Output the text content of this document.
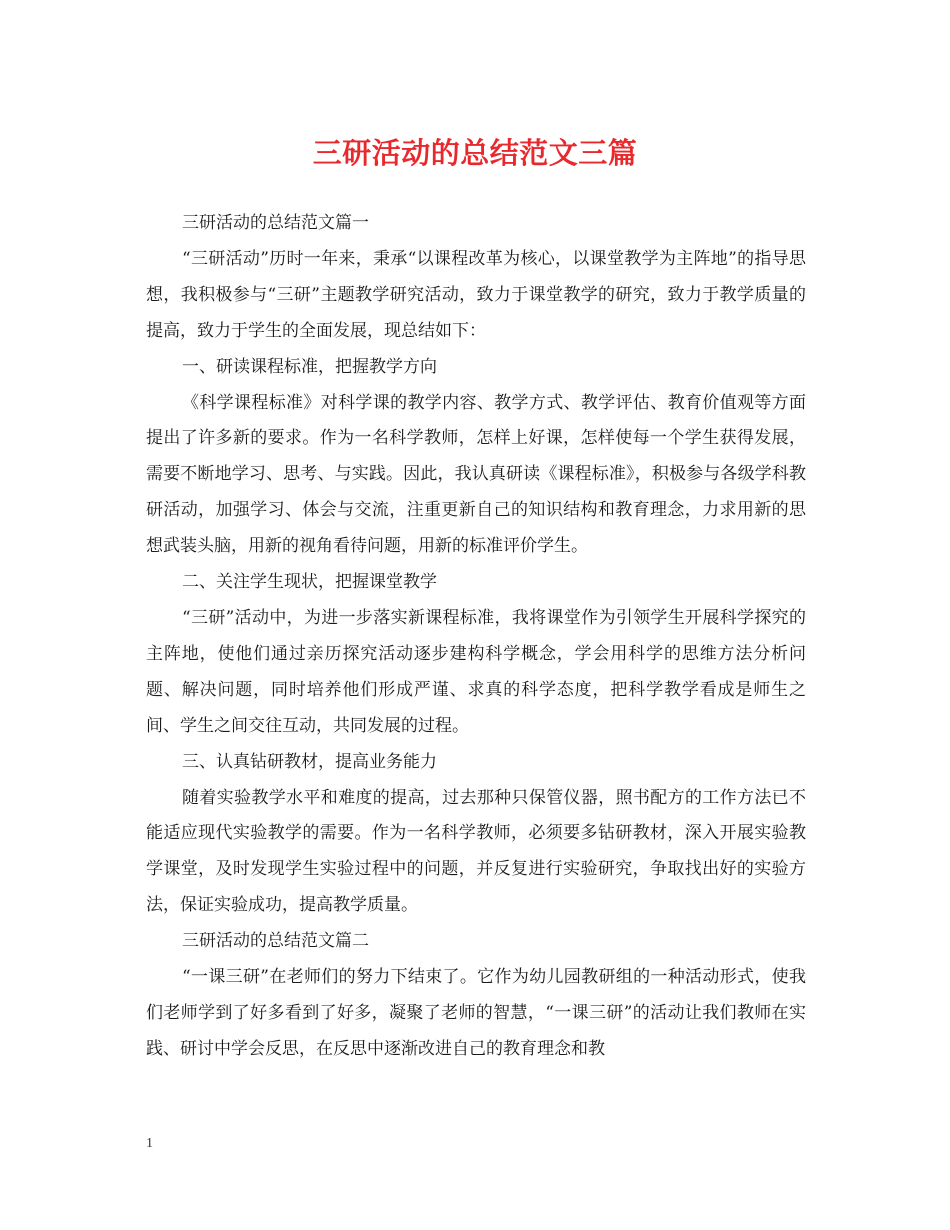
三研活动的总结范文三篇

三研活动的总结范文篇一

“三研活动”历时一年来，秉承“以课程改革为核心，以课堂教学为主阵地”的指导思想，我积极参与“三研”主题教学研究活动，致力于课堂教学的研究，致力于教学质量的提高，致力于学生的全面发展，现总结如下：

一、研读课程标准，把握教学方向

《科学课程标准》对科学课的教学内容、教学方式、教学评估、教育价值观等方面提出了许多新的要求。作为一名科学教师，怎样上好课，怎样使每一个学生获得发展，需要不断地学习、思考、与实践。因此，我认真研读《课程标准》，积极参与各级学科教研活动，加强学习、体会与交流，注重更新自己的知识结构和教育理念，力求用新的思想武装头脑，用新的视角看待问题，用新的标准评价学生。

二、关注学生现状，把握课堂教学

“三研”活动中，为进一步落实新课程标准，我将课堂作为引领学生开展科学探究的主阵地，使他们通过亲历探究活动逐步建构科学概念，学会用科学的思维方法分析问题、解决问题，同时培养他们形成严谨、求真的科学态度，把科学教学看成是师生之间、学生之间交往互动，共同发展的过程。

三、认真钻研教材，提高业务能力

随着实验教学水平和难度的提高，过去那种只保管仪器，照书配方的工作方法已不能适应现代实验教学的需要。作为一名科学教师，必须要多钻研教材，深入开展实验教学课堂，及时发现学生实验过程中的问题，并反复进行实验研究，争取找出好的实验方法，保证实验成功，提高教学质量。

三研活动的总结范文篇二

“一课三研”在老师们的努力下结束了。它作为幼儿园教研组的一种活动形式，使我们老师学到了好多看到了好多，凝聚了老师的智慧，“一课三研”的活动让我们教师在实践、研讨中学会反思，在反思中逐渐改进自己的教育理念和教

1
